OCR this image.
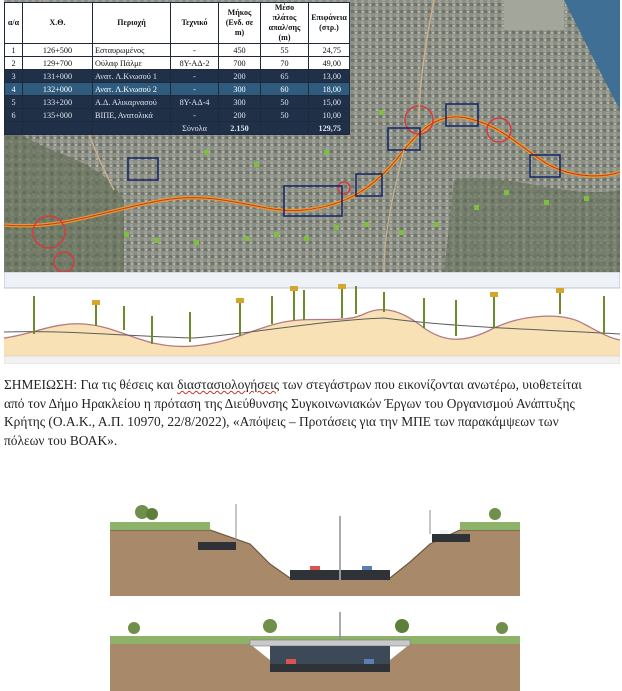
α/α	Χ.Θ.	Περιοχή	Τεχνικό	Μήκος (Ενδ. σε m)	Μέσο πλάτος απαλ/σης (m)	Επιφάνεια (στρ.)
1	126+500	Εσταυρωμένος	-	450	55	24,75
2	129+700	Ούλαφ Πάλμε	8Υ-ΑΔ-2	700	70	49,00
3	131+000	Ανατ. Λ.Κνωσού 1	-	200	65	13,00
4	132+000	Ανατ. Λ.Κνωσού 2	-	300	60	18,00
5	133+200	Α.Δ. Αλικαρνασού	8Υ-ΑΔ-4	300	50	15,00
6	135+000	ΒΙΠΕ, Ανατολικά	-	200	50	10,00
			Σύνολα	2.150		129,75

ΣΗΜΕΙΩΣΗ: Για τις θέσεις και διαστασιολογήσεις των στεγάστρων που εικονίζονται ανωτέρω, υιοθετείται
από τον Δήμο Ηρακλείου η πρόταση της Διεύθυνσης Συγκοινωνιακών Έργων του Οργανισμού Ανάπτυξης
Κρήτης (Ο.Α.Κ., Α.Π. 10970, 22/8/2022), «Απόψεις – Προτάσεις για την ΜΠΕ των παρακάμψεων των
πόλεων του ΒΟΑΚ».
